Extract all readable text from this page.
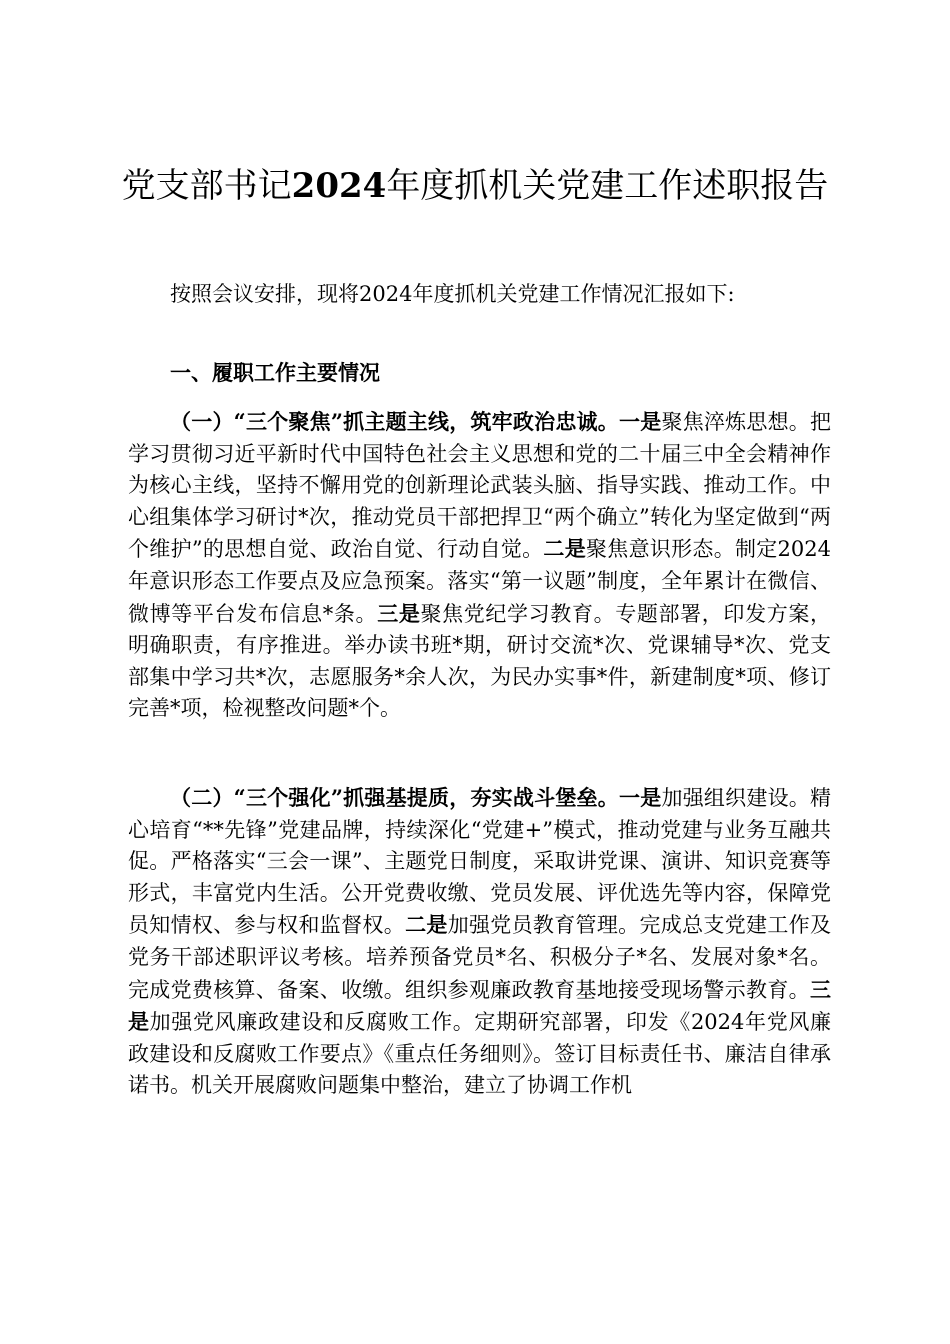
党支部书记2024年度抓机关党建工作述职报告

按照会议安排，现将2024年度抓机关党建工作情况汇报如下:

一、履职工作主要情况

（一）“三个聚焦”抓主题主线，筑牢政治忠诚。一是聚焦淬炼思想。把学习贯彻习近平新时代中国特色社会主义思想和党的二十届三中全会精神作为核心主线，坚持不懈用党的创新理论武装头脑、指导实践、推动工作。中心组集体学习研讨*次，推动党员干部把捍卫“两个确立”转化为坚定做到“两个维护”的思想自觉、政治自觉、行动自觉。二是聚焦意识形态。制定2024年意识形态工作要点及应急预案。落实“第一议题”制度，全年累计在微信、微博等平台发布信息*条。三是聚焦党纪学习教育。专题部署，印发方案，明确职责，有序推进。举办读书班*期，研讨交流*次、党课辅导*次、党支部集中学习共*次，志愿服务*余人次，为民办实事*件，新建制度*项、修订完善*项，检视整改问题*个。

（二）“三个强化”抓强基提质，夯实战斗堡垒。一是加强组织建设。精心培育“**先锋”党建品牌，持续深化“党建+”模式，推动党建与业务互融共促。严格落实“三会一课”、主题党日制度，采取讲党课、演讲、知识竞赛等形式，丰富党内生活。公开党费收缴、党员发展、评优选先等内容，保障党员知情权、参与权和监督权。二是加强党员教育管理。完成总支党建工作及党务干部述职评议考核。培养预备党员*名、积极分子*名、发展对象*名。完成党费核算、备案、收缴。组织参观廉政教育基地接受现场警示教育。三是加强党风廉政建设和反腐败工作。定期研究部署，印发《2024年党风廉政建设和反腐败工作要点》《重点任务细则》。签订目标责任书、廉洁自律承诺书。机关开展腐败问题集中整治，建立了协调工作机
